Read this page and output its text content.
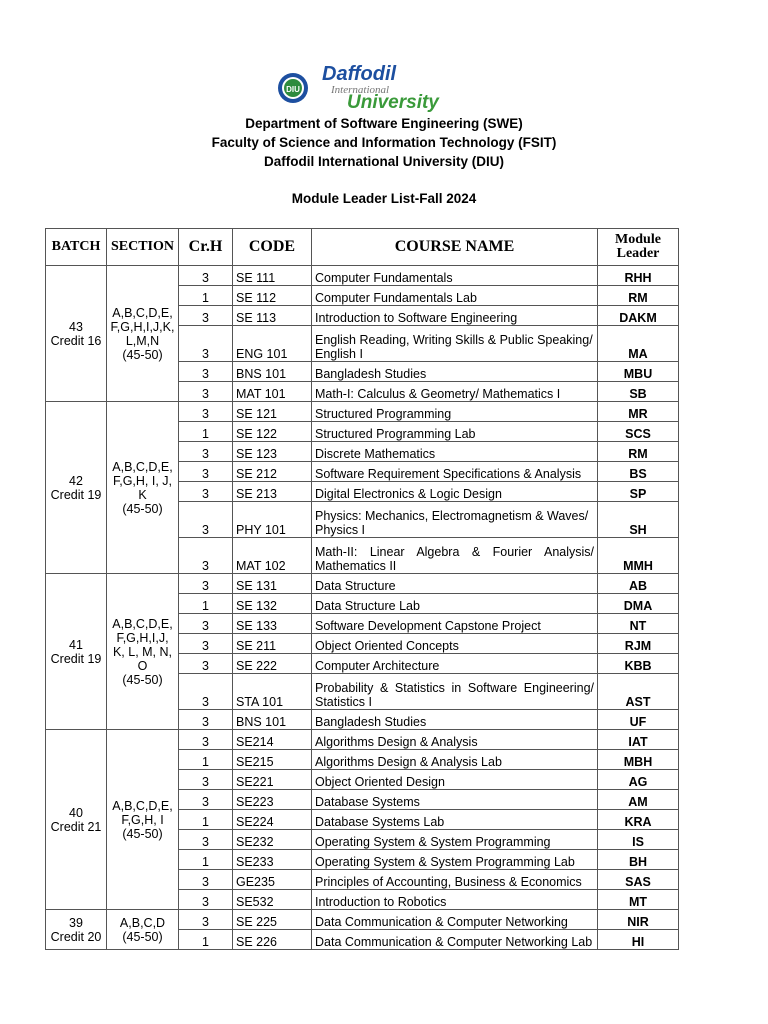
DIU
Daffodil
International
University
Department of Software Engineering (SWE)
Faculty of Science and Information Technology (FSIT)
Daffodil International University (DIU)
Module Leader List-Fall 2024
BATCH	SECTION	Cr.H	CODE	COURSE NAME	Module
Leader
43
Credit 16	A,B,C,D,E,
F,G,H,I,J,K,
L,M,N
(45-50)	3	SE 111	Computer Fundamentals	RHH
		1	SE 112	Computer Fundamentals Lab	RM
		3	SE 113	Introduction to Software Engineering	DAKM
		3	ENG 101	English Reading, Writing Skills & Public Speaking/ English I	MA
		3	BNS 101	Bangladesh Studies	MBU
		3	MAT 101	Math-I: Calculus & Geometry/ Mathematics I	SB
42
Credit 19	A,B,C,D,E,
F,G,H, I, J,
K
(45-50)	3	SE 121	Structured Programming	MR
		1	SE 122	Structured Programming Lab	SCS
		3	SE 123	Discrete Mathematics	RM
		3	SE 212	Software Requirement Specifications & Analysis	BS
		3	SE 213	Digital Electronics & Logic Design	SP
		3	PHY 101	Physics: Mechanics, Electromagnetism & Waves/ Physics I	SH
		3	MAT 102	Math-II: Linear Algebra & Fourier Analysis/ Mathematics II	MMH
41
Credit 19	A,B,C,D,E,
F,G,H,I,J,
K, L, M, N,
O
(45-50)	3	SE 131	Data Structure	AB
		1	SE 132	Data Structure Lab	DMA
		3	SE 133	Software Development Capstone Project	NT
		3	SE 211	Object Oriented Concepts	RJM
		3	SE 222	Computer Architecture	KBB
		3	STA 101	Probability & Statistics in Software Engineering/ Statistics I	AST
		3	BNS 101	Bangladesh Studies	UF
40
Credit 21	A,B,C,D,E,
F,G,H, I
(45-50)	3	SE214	Algorithms Design & Analysis	IAT
		1	SE215	Algorithms Design & Analysis Lab	MBH
		3	SE221	Object Oriented Design	AG
		3	SE223	Database Systems	AM
		1	SE224	Database Systems Lab	KRA
		3	SE232	Operating System & System Programming	IS
		1	SE233	Operating System & System Programming Lab	BH
		3	GE235	Principles of Accounting, Business & Economics	SAS
		3	SE532	Introduction to Robotics	MT
39
Credit 20	A,B,C,D
(45-50)	3	SE 225	Data Communication & Computer Networking	NIR
		1	SE 226	Data Communication & Computer Networking Lab	HI
